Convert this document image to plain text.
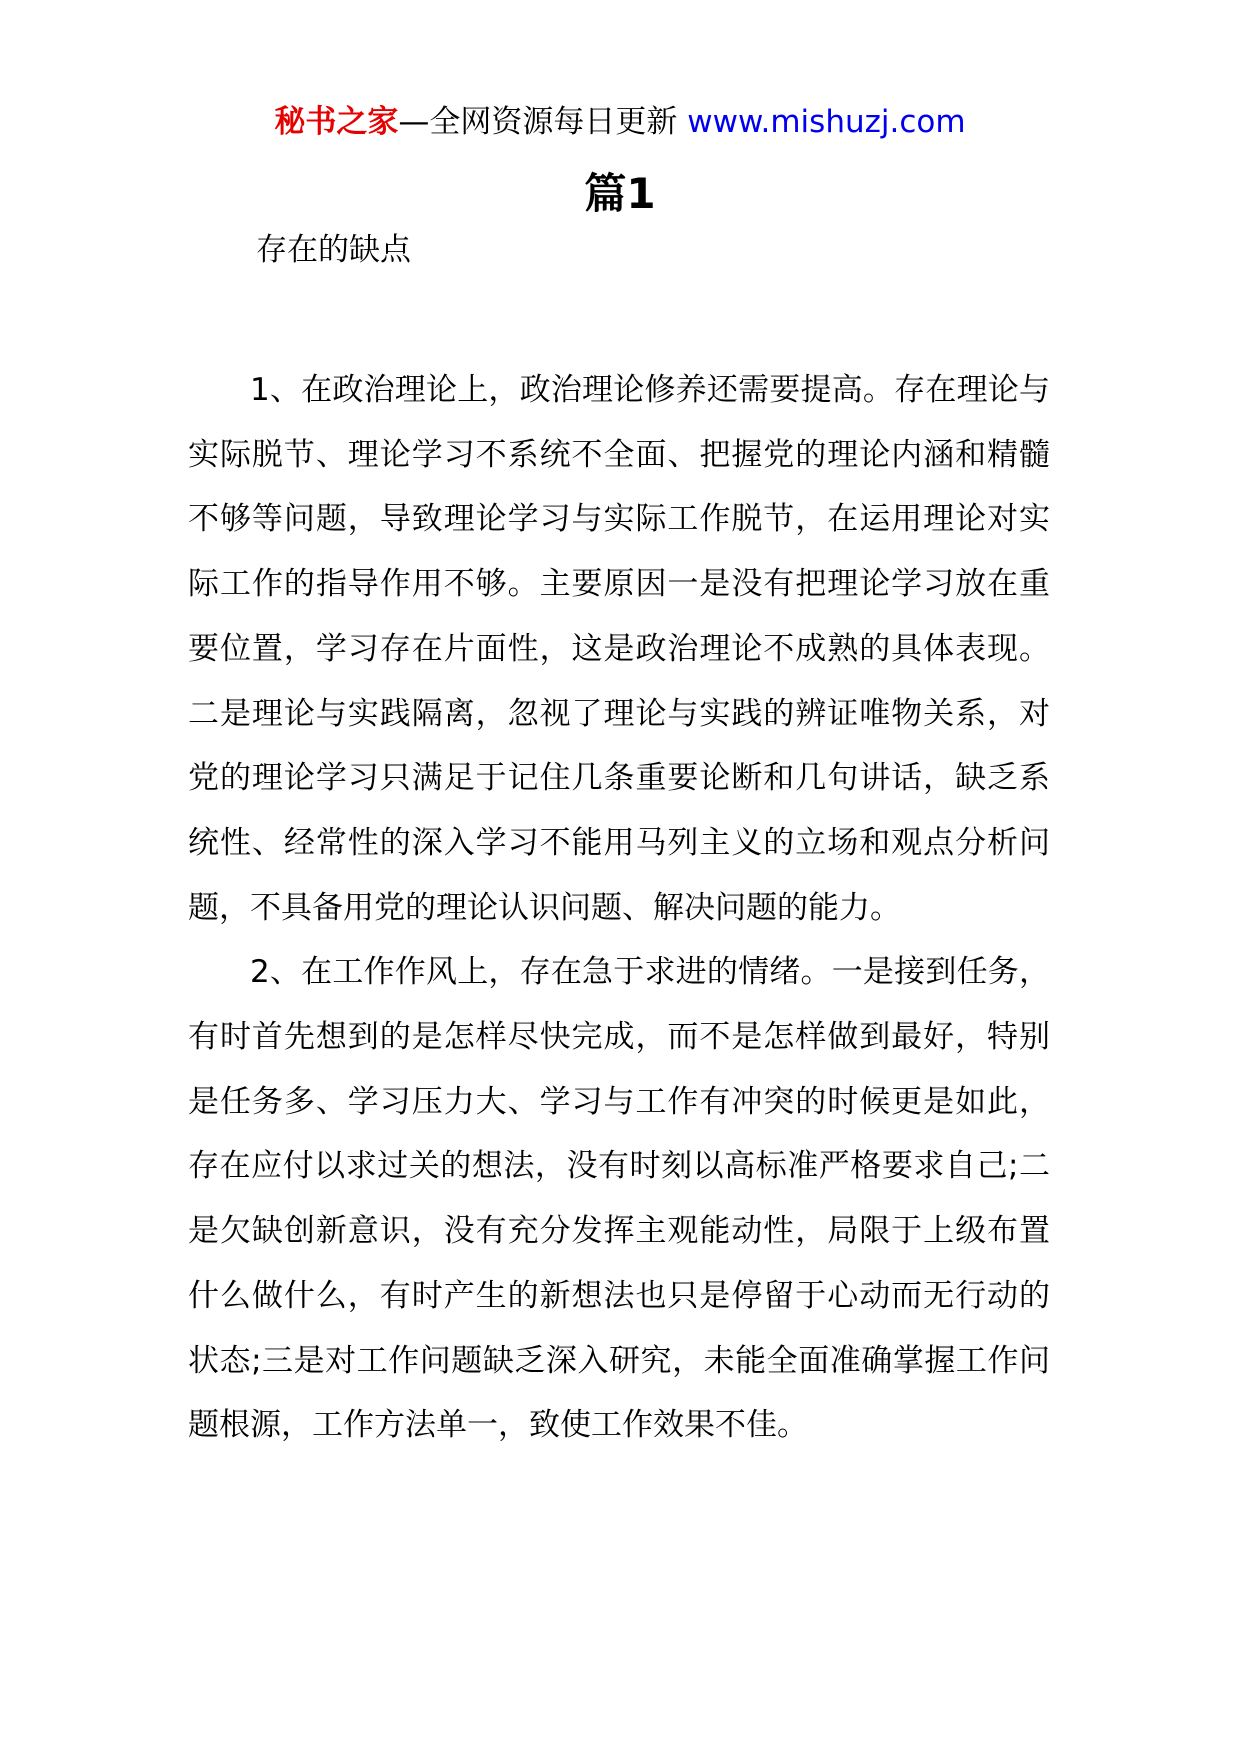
秘书之家—全网资源每日更新 www.mishuzj.com
篇1
存在的缺点

1、在政治理论上，政治理论修养还需要提高。存在理论与实际脱节、理论学习不系统不全面、把握党的理论内涵和精髓不够等问题，导致理论学习与实际工作脱节，在运用理论对实际工作的指导作用不够。主要原因一是没有把理论学习放在重要位置，学习存在片面性，这是政治理论不成熟的具体表现。二是理论与实践隔离，忽视了理论与实践的辨证唯物关系，对党的理论学习只满足于记住几条重要论断和几句讲话，缺乏系统性、经常性的深入学习不能用马列主义的立场和观点分析问题，不具备用党的理论认识问题、解决问题的能力。

2、在工作作风上，存在急于求进的情绪。一是接到任务，有时首先想到的是怎样尽快完成，而不是怎样做到最好，特别是任务多、学习压力大、学习与工作有冲突的时候更是如此，存在应付以求过关的想法，没有时刻以高标准严格要求自己;二是欠缺创新意识，没有充分发挥主观能动性，局限于上级布置什么做什么，有时产生的新想法也只是停留于心动而无行动的状态;三是对工作问题缺乏深入研究，未能全面准确掌握工作问题根源，工作方法单一，致使工作效果不佳。
